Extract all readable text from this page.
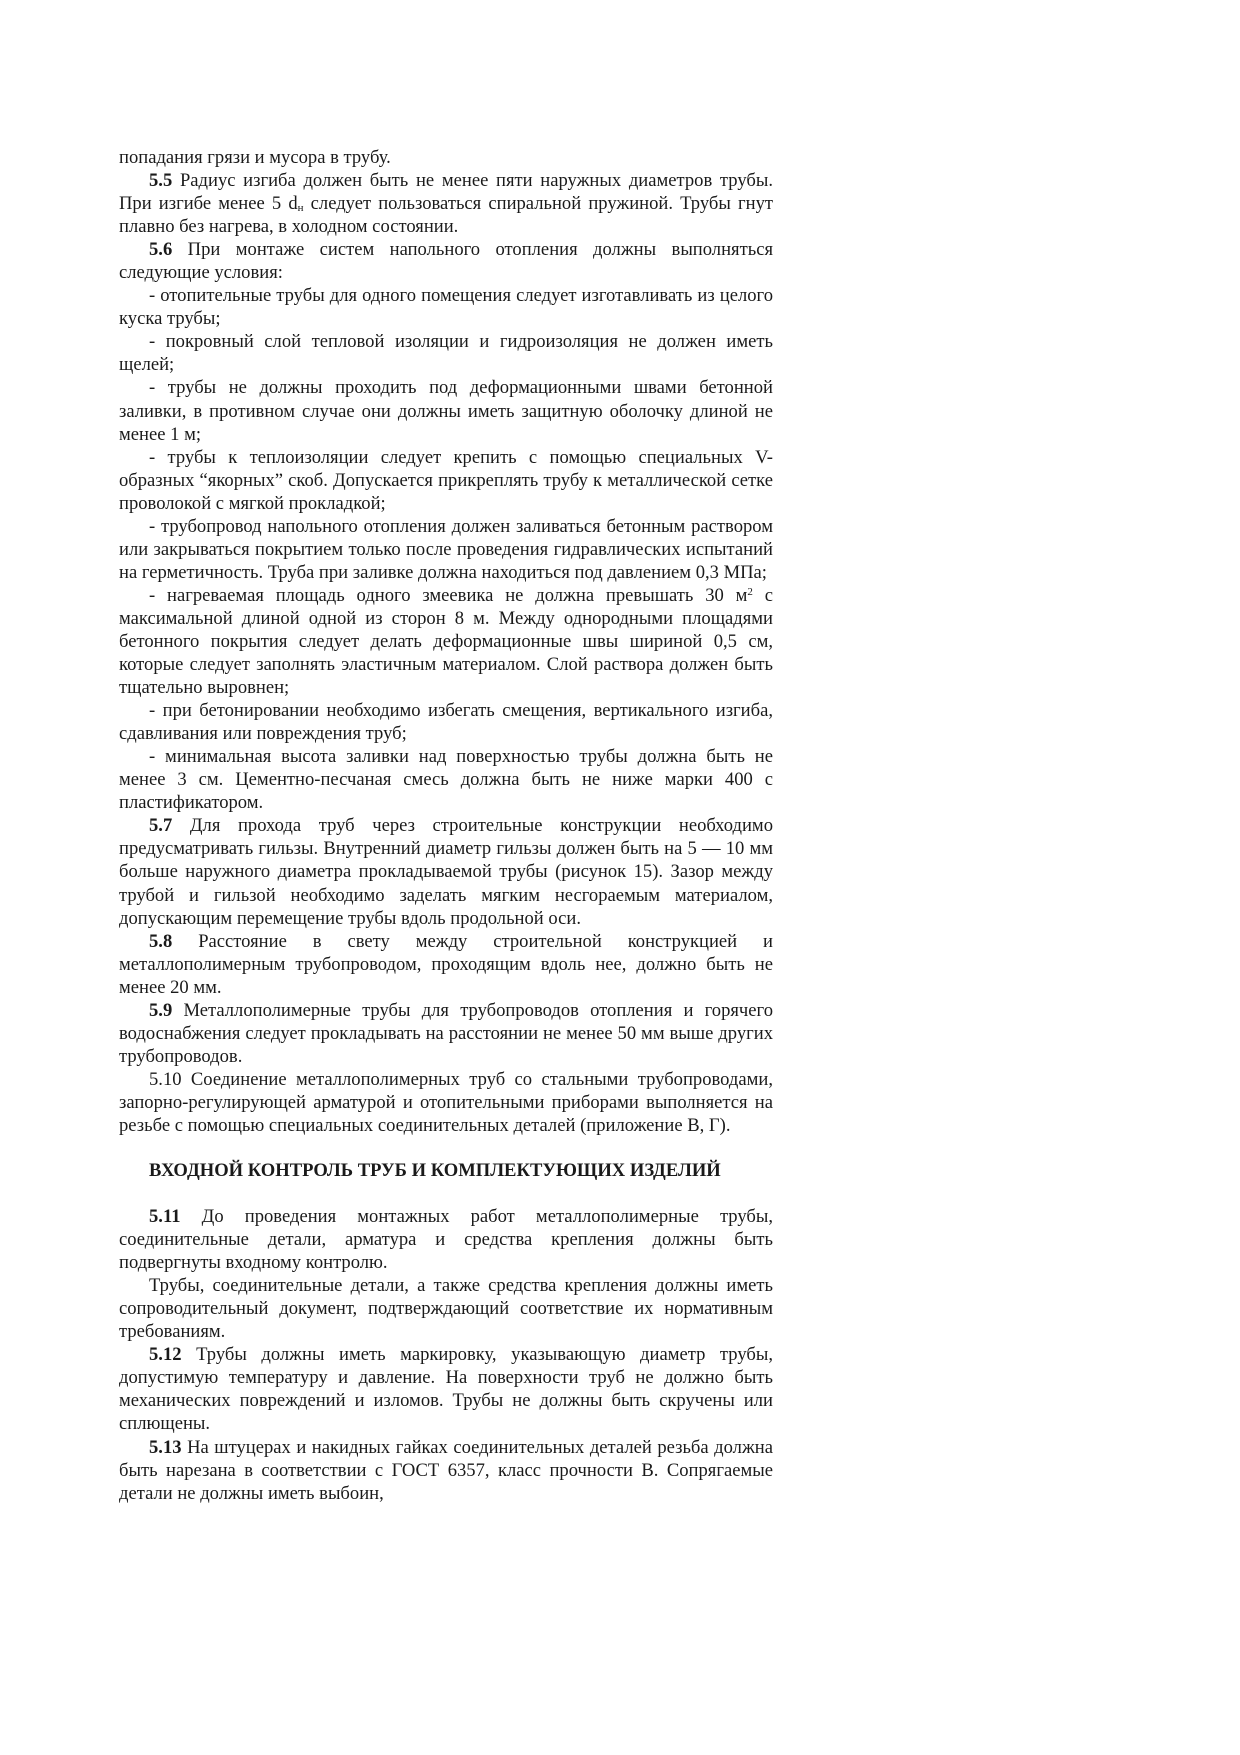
попадания грязи и мусора в трубу.

5.5 Радиус изгиба должен быть не менее пяти наружных диаметров трубы. При изгибе менее 5 dн следует пользоваться спиральной пружиной. Трубы гнут плавно без нагрева, в холодном состоянии.

5.6 При монтаже систем напольного отопления должны выполняться следующие условия:

- отопительные трубы для одного помещения следует изготавливать из целого куска трубы;

- покровный слой тепловой изоляции и гидроизоляция не должен иметь щелей;

- трубы не должны проходить под деформационными швами бетонной заливки, в противном случае они должны иметь защитную оболочку длиной не менее 1 м;

- трубы к теплоизоляции следует крепить с помощью специальных V-образных “якорных” скоб. Допускается прикреплять трубу к металлической сетке проволокой с мягкой прокладкой;

- трубопровод напольного отопления должен заливаться бетонным раствором или закрываться покрытием только после проведения гидравлических испытаний на герметичность. Труба при заливке должна находиться под давлением 0,3 МПа;

- нагреваемая площадь одного змеевика не должна превышать 30 $м^2$ с максимальной длиной одной из сторон 8 м. Между однородными площадями бетонного покрытия следует делать деформационные швы шириной 0,5 см, которые следует заполнять эластичным материалом. Слой раствора должен быть тщательно выровнен;

- при бетонировании необходимо избегать смещения, вертикального изгиба, сдавливания или повреждения труб;

- минимальная высота заливки над поверхностью трубы должна быть не менее 3 см. Цементно-песчаная смесь должна быть не ниже марки 400 с пластификатором.

5.7 Для прохода труб через строительные конструкции необходимо предусматривать гильзы. Внутренний диаметр гильзы должен быть на 5 — 10 мм больше наружного диаметра прокладываемой трубы (рисунок 15). Зазор между трубой и гильзой необходимо заделать мягким несгораемым материалом, допускающим перемещение трубы вдоль продольной оси.

5.8 Расстояние в свету между строительной конструкцией и металлополимерным трубопроводом, проходящим вдоль нее, должно быть не менее 20 мм.

5.9 Металлополимерные трубы для трубопроводов отопления и горячего водоснабжения следует прокладывать на расстоянии не менее 50 мм выше других трубопроводов.

5.10 Соединение металлополимерных труб со стальными трубопроводами, запорно-регулирующей арматурой и отопительными приборами выполняется на резьбе с помощью специальных соединительных деталей (приложение В, Г).

ВХОДНОЙ КОНТРОЛЬ ТРУБ И КОМПЛЕКТУЮЩИХ ИЗДЕЛИЙ

5.11 До проведения монтажных работ металлополимерные трубы, соединительные детали, арматура и средства крепления должны быть подвергнуты входному контролю.

Трубы, соединительные детали, а также средства крепления должны иметь сопроводительный документ, подтверждающий соответствие их нормативным требованиям.

5.12 Трубы должны иметь маркировку, указывающую диаметр трубы, допустимую температуру и давление. На поверхности труб не должно быть механических повреждений и изломов. Трубы не должны быть скручены или сплющены.

5.13 На штуцерах и накидных гайках соединительных деталей резьба должна быть нарезана в соответствии с ГОСТ 6357, класс прочности В. Сопрягаемые детали не должны иметь выбоин,
